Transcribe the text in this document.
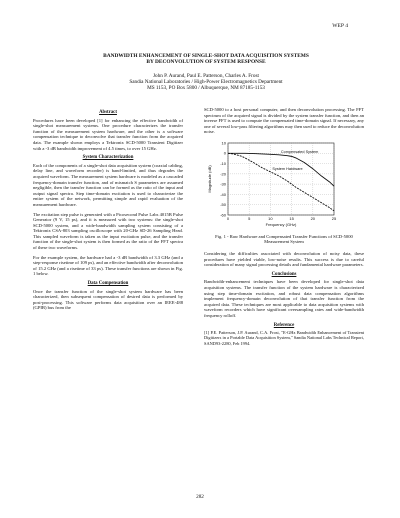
WEP 4
BANDWIDTH ENHANCEMENT OF SINGLE-SHOT DATA ACQUISITION SYSTEMS
BY DECONVOLUTION OF SYSTEM RESPONSE
John P. Aurand, Paul E. Patterson, Charles A. Frost
Sandia National Laboratories / High-Power Electromagnetics Department
MS 1153, PO Box 5800 / Albuquerque, NM 87185-1153
Abstract

Procedures have been developed [1] for enhancing the effective bandwidth of single-shot measurement systems. One procedure characterizes the transfer function of the measurement system hardware, and the other is a software compensation technique to deconvolve that transfer function from the acquired data. The example shown employs a Tektronix SCD-5000 Transient Digitizer with a -3 dB bandwidth improvement of 4.5 times, to over 15 GHz.

System Characterization

Each of the components of a single-shot data acquisition system (coaxial cabling, delay line, and waveform recorder) is band-limited, and thus degrades the acquired waveform. The measurement system hardware is modeled as a cascaded frequency-domain transfer function, and of mismatch S parameters are assumed negligible, then the transfer function can be formed as the ratio of the input and output signal spectra. Step time-domain excitation is used to characterize the entire system of the network, permitting simple and rapid evaluation of the measurement hardware.

The excitation step pulse is generated with a Picosecond Pulse Labs 4015B Pulse Generator (9 V, 15 ps), and it is measured with two systems: the single-shot SCD-5000 system, and a wide-bandwidth sampling system consisting of a Tektronix CSA-803 sampling oscilloscope with 20-GHz SD-26 Sampling Head. This sampled waveform is taken as the input excitation pulse, and the transfer function of the single-shot system is then formed as the ratio of the FFT spectra of these two waveforms.

For the example system, the hardware had a -3 dB bandwidth of 3.3 GHz (and a step-response risetime of 109 ps), and an effective bandwidth after deconvolution of 15.2 GHz (and a risetime of 33 ps). These transfer functions are shown in Fig. 1 below.

Data Compensation

Once the transfer function of the single-shot system hardware has been characterized, then subsequent compensation of desired data is performed by post-processing. This software performs data acquisition over an IEEE-488 (GPIB) bus from the

SCD-5000 to a host personal computer, and then deconvolution processing. The FFT spectrum of the acquired signal is divided by the system transfer function, and then an inverse FFT is used to compute the compensated time-domain signal. If necessary, any one of several low-pass filtering algorithms may then used to reduce the deconvolution noise.

10
0
-10
-20
-30
-40
-50
-60
0	5	10	15	20	25
Frequency (GHz)
Magnitude (dB)
Compensated System
System Hardware
Fig. 1 - Raw Hardware and Compensated Transfer Functions of SCD-5000 Measurement System

Considering the difficulties associated with deconvolution of noisy data, these procedures have yielded viable, low-noise results. This success is due to careful consideration of many signal processing details and fundamental hardware parameters.

Conclusions

Bandwidth-enhancement techniques have been developed for single-shot data acquisition systems. The transfer function of the system hardware is characterized using step time-domain excitation, and robust data compensation algorithms implement frequency-domain deconvolution of that transfer function from the acquired data. These techniques are most applicable to data acquisition systems with waveform recorders which have significant oversampling rates and wide-bandwidth frequency rolloff.

Reference

[1] P.E. Patterson, J.P. Aurand, C.A. Frost, "E-GHz Bandwidth Enhancement of Transient Digitizers in a Portable Data Acquisition System," Sandia National Labs Technical Report, SAND93-2280, Feb 1994.

282
